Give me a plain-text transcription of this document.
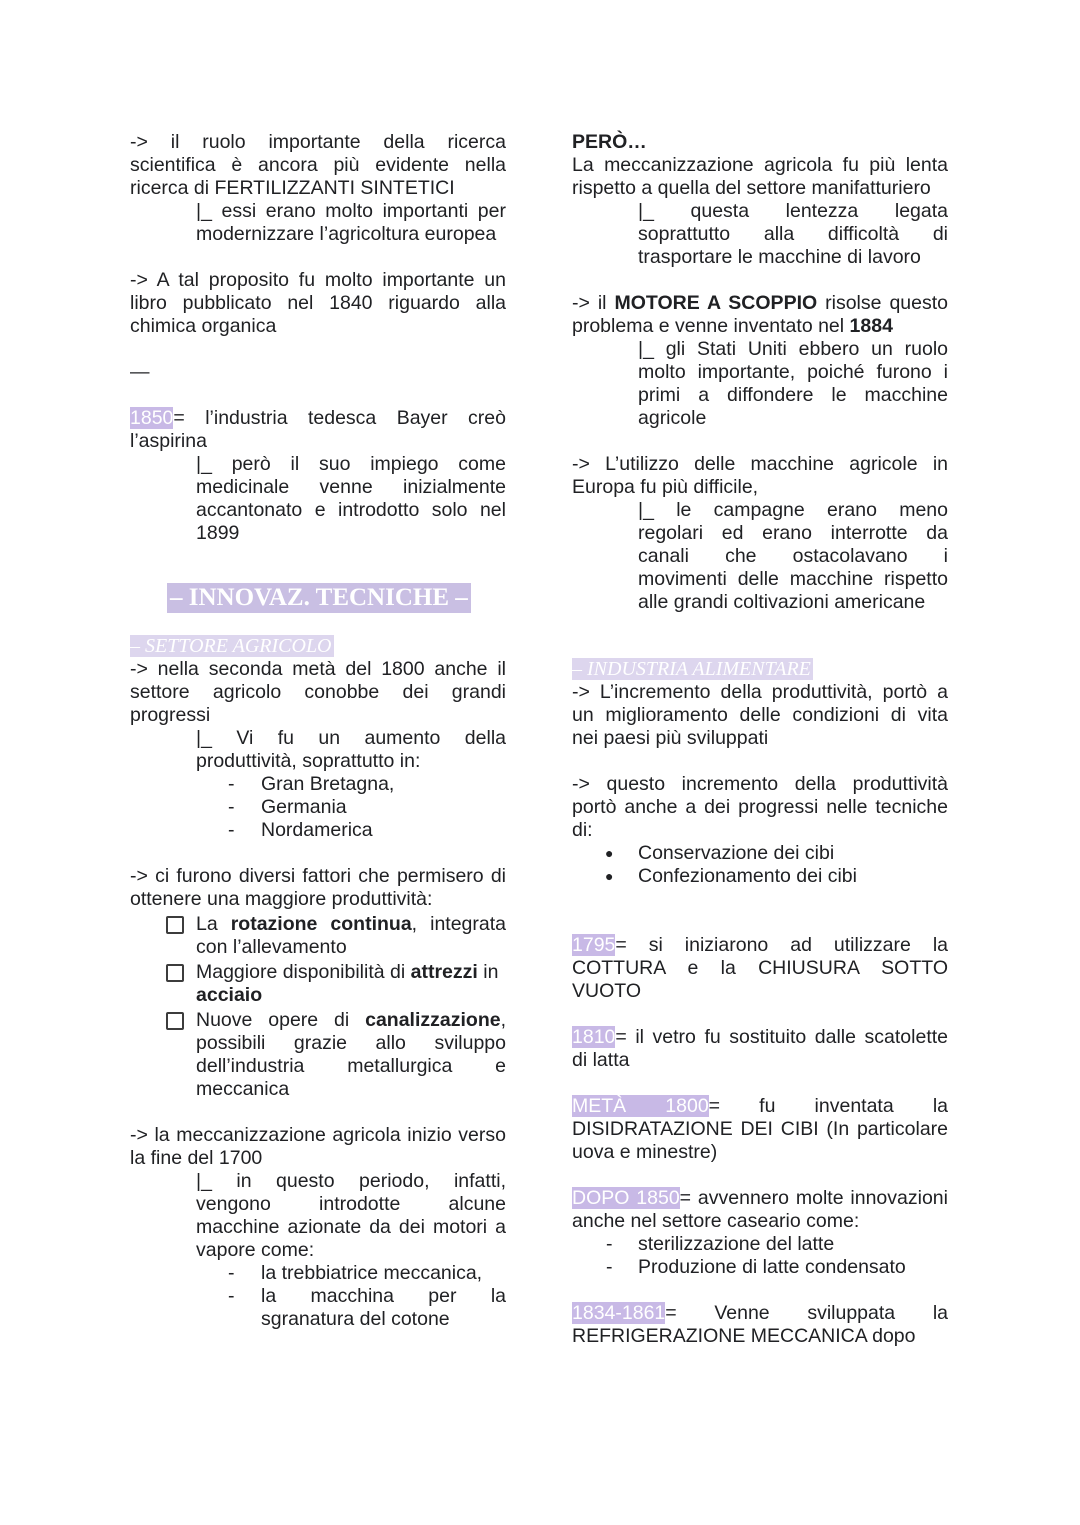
-> il ruolo importante della ricerca scientifica è ancora più evidente nella ricerca di FERTILIZZANTI SINTETICI

|_ essi erano molto importanti per modernizzare l’agricoltura europea

-> A tal proposito fu molto importante un libro pubblicato nel 1840 riguardo alla chimica organica

—

1850= l’industria tedesca Bayer creò l’aspirina

|_ però il suo impiego come medicinale venne inizialmente accantonato e introdotto solo nel 1899

– INNOVAZ. TECNICHE –

– SETTORE AGRICOLO

-> nella seconda metà del 1800 anche il settore agricolo conobbe dei grandi progressi

|_ Vi fu un aumento della produttività, soprattutto in:

- Gran Bretagna,
- Germania
- Nordamerica

-> ci furono diversi fattori che permisero di ottenere una maggiore produttività:

La rotazione continua, integrata con l’allevamento
Maggiore disponibilità di attrezzi in acciaio
Nuove opere di canalizzazione, possibili grazie allo sviluppo dell’industria metallurgica e meccanica

-> la meccanizzazione agricola inizio verso la fine del 1700

|_ in questo periodo, infatti, vengono introdotte alcune macchine azionate da dei motori a vapore come:

- la trebbiatrice meccanica,
- la macchina per la sgranatura del cotone

PERÒ…

La meccanizzazione agricola fu più lenta rispetto a quella del settore manifatturiero

|_ questa lentezza legata soprattutto alla difficoltà di trasportare le macchine di lavoro

-> il MOTORE A SCOPPIO risolse questo problema e venne inventato nel 1884

|_ gli Stati Uniti ebbero un ruolo molto importante, poiché furono i primi a diffondere le macchine agricole

-> L’utilizzo delle macchine agricole in Europa fu più difficile,

|_ le campagne erano meno regolari ed erano interrotte da canali che ostacolavano i movimenti delle macchine rispetto alle grandi coltivazioni americane

– INDUSTRIA ALIMENTARE

-> L’incremento della produttività, portò a un miglioramento delle condizioni di vita nei paesi più sviluppati

-> questo incremento della produttività portò anche a dei progressi nelle tecniche di:

● Conservazione dei cibi
● Confezionamento dei cibi

1795= si iniziarono ad utilizzare la COTTURA e la CHIUSURA SOTTO VUOTO

1810= il vetro fu sostituito dalle scatolette di latta

METÀ 1800= fu inventata la DISIDRATAZIONE DEI CIBI (In particolare uova e minestre)

DOPO 1850= avvennero molte innovazioni anche nel settore caseario come:

- sterilizzazione del latte
- Produzione di latte condensato

1834-1861= Venne sviluppata la REFRIGERAZIONE MECCANICA dopo
